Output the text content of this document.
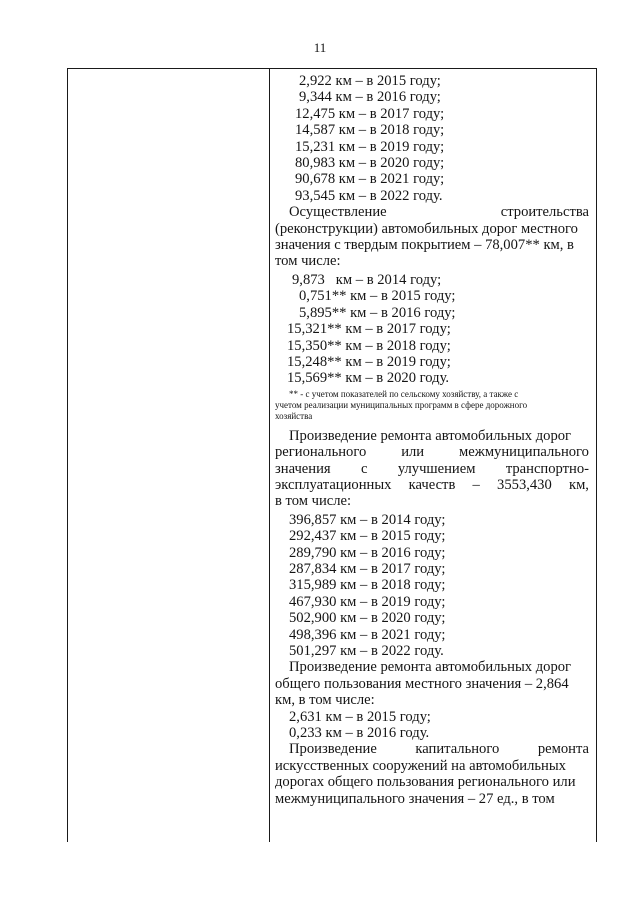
11
2,922 км – в 2015 году;
9,344 км – в 2016 году;
12,475 км – в 2017 году;
14,587 км – в 2018 году;
15,231 км – в 2019 году;
80,983 км – в 2020 году;
90,678 км – в 2021 году;
93,545 км – в 2022 году.
Осуществление	строительства
(реконструкции) автомобильных дорог местного
значения с твердым покрытием – 78,007** км, в
том числе:
9,873   км – в 2014 году;
0,751** км – в 2015 году;
5,895** км – в 2016 году;
15,321** км – в 2017 году;
15,350** км – в 2018 году;
15,248** км – в 2019 году;
15,569** км – в 2020 году.
** - с учетом показателей по сельскому хозяйству, а также с
учетом реализации муниципальных программ в сфере дорожного
хозяйства
Произведение ремонта автомобильных дорог
регионального или межмуниципального
значения с улучшением транспортно-
эксплуатационных качеств – 3553,430 км,
в том числе:
396,857 км – в 2014 году;
292,437 км – в 2015 году;
289,790 км – в 2016 году;
287,834 км – в 2017 году;
315,989 км – в 2018 году;
467,930 км – в 2019 году;
502,900 км – в 2020 году;
498,396 км – в 2021 году;
501,297 км – в 2022 году.
Произведение ремонта автомобильных дорог
общего пользования местного значения – 2,864
км, в том числе:
2,631 км – в 2015 году;
0,233 км – в 2016 году.
Произведение	капитального	ремонта
искусственных сооружений на автомобильных
дорогах общего пользования регионального или
межмуниципального значения – 27 ед., в том
